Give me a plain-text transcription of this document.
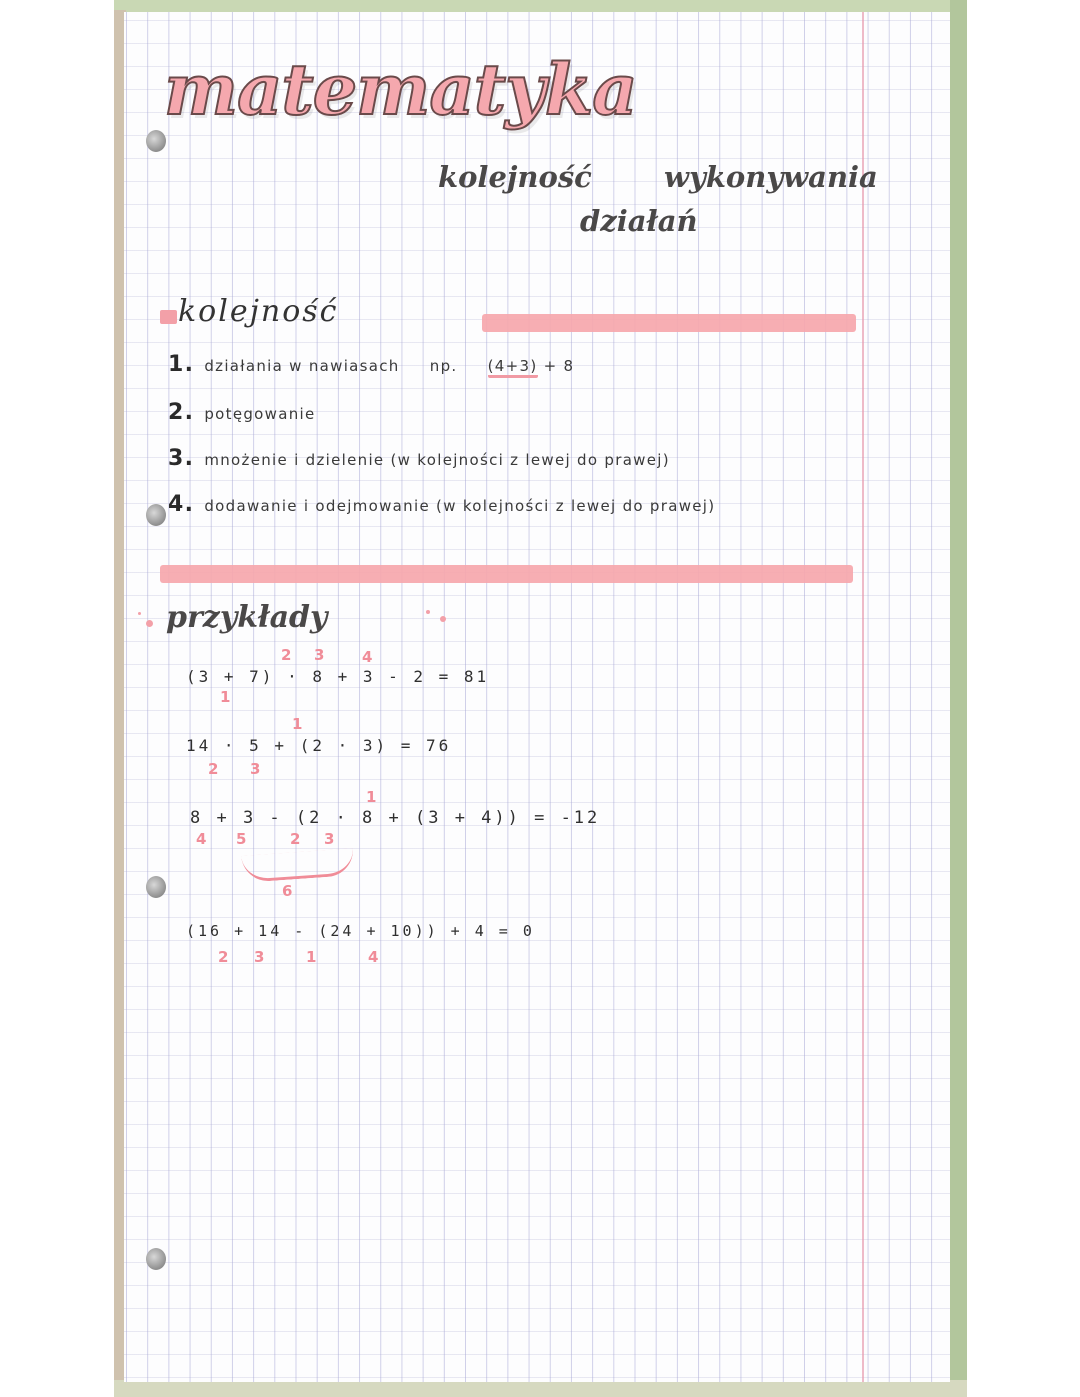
matematyka
kolejność wykonywania
działań
kolejność
1. działania w nawiasach np. (4+3) + 8
2. potęgowanie
3. mnożenie i dzielenie (w kolejności z lewej do prawej)
4. dodawanie i odejmowanie (w kolejności z lewej do prawej)
przykłady
(3 + 7) · 8 + 3 - 2 = 81
1
2 3	4
14 · 5 + (2 · 3) = 76
1
2 3
8 + 3 - (2 · 8 + (3 + 4)) = -12
1
4 5	2 3
6
(16 + 14 - (24 + 10)) + 4 = 0
2 3	1	4
